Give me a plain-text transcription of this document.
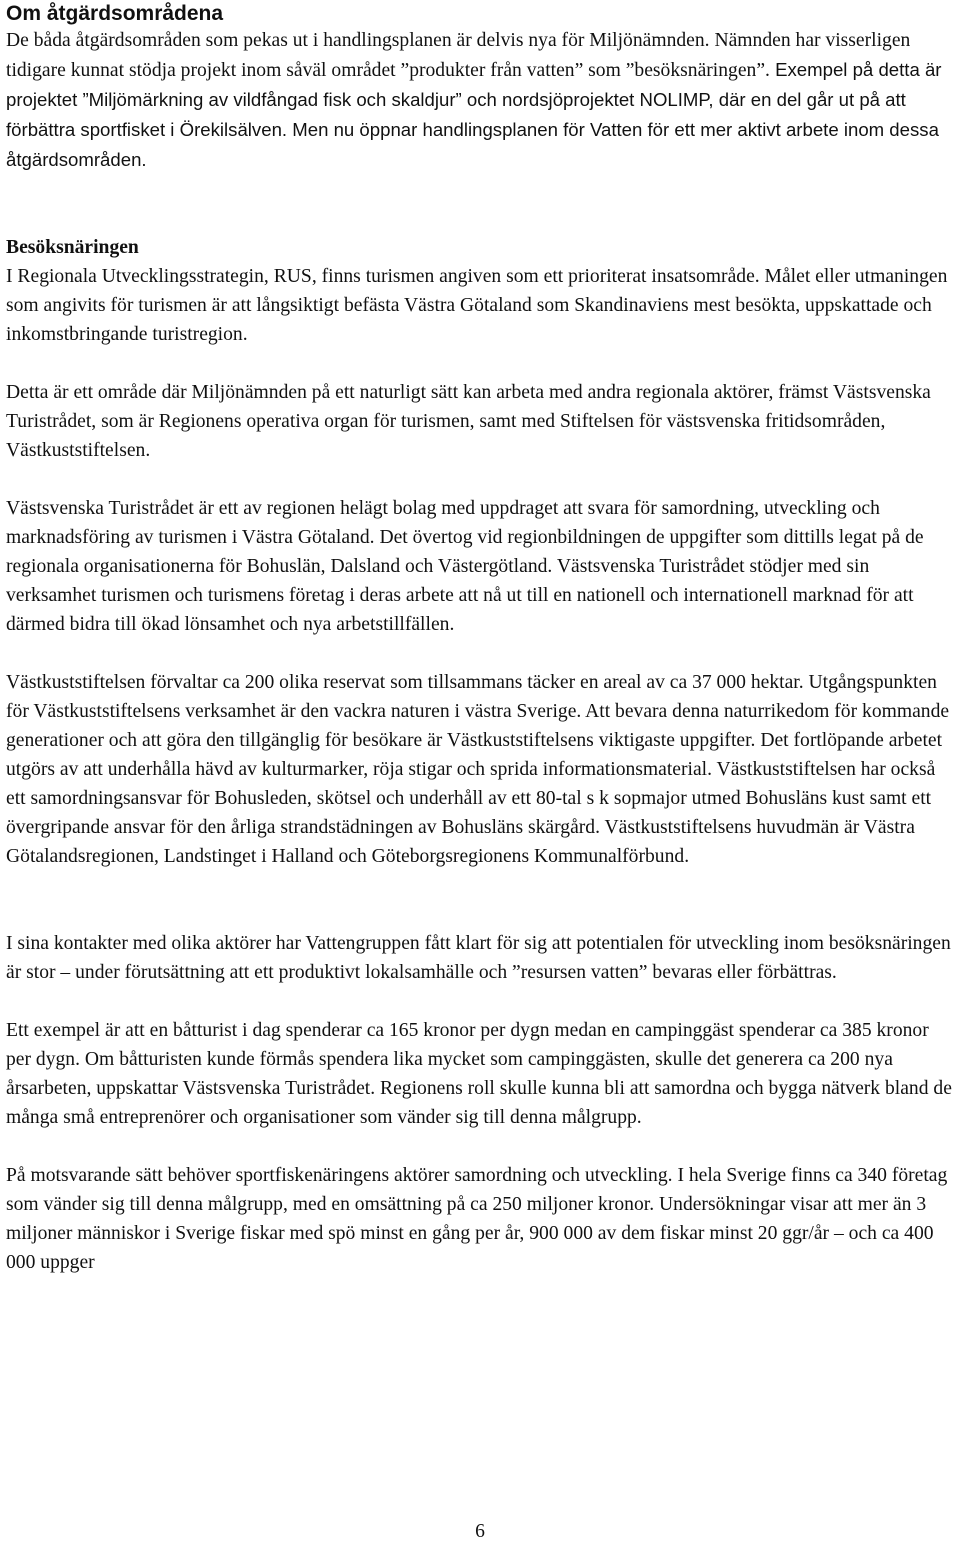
Om åtgärdsområdena

De båda åtgärdsområden som pekas ut i handlingsplanen är delvis nya för Miljönämnden. Nämnden har visserligen tidigare kunnat stödja projekt inom såväl området ”produkter från vatten” som ”besöksnäringen”. Exempel på detta är projektet ”Miljömärkning av vildfångad fisk och skaldjur” och nordsjöprojektet NOLIMP, där en del går ut på att förbättra sportfisket i Örekilsälven. Men nu öppnar handlingsplanen för Vatten för ett mer aktivt arbete inom dessa åtgärdsområden.

Besöksnäringen

I Regionala Utvecklingsstrategin, RUS, finns turismen angiven som ett prioriterat insatsområde. Målet eller utmaningen som angivits för turismen är att långsiktigt befästa Västra Götaland som Skandinaviens mest besökta, uppskattade och inkomstbringande turistregion.

Detta är ett område där Miljönämnden på ett naturligt sätt kan arbeta med andra regionala aktörer, främst Västsvenska Turistrådet, som är Regionens operativa organ för turismen, samt med Stiftelsen för västsvenska fritidsområden, Västkuststiftelsen.

Västsvenska Turistrådet är ett av regionen helägt bolag med uppdraget att svara för samordning, utveckling och marknadsföring av turismen i Västra Götaland. Det övertog vid regionbildningen de uppgifter som dittills legat på de regionala organisationerna för Bohuslän, Dalsland och Västergötland. Västsvenska Turistrådet stödjer med sin verksamhet turismen och turismens företag i deras arbete att nå ut till en nationell och internationell marknad för att därmed bidra till ökad lönsamhet och nya arbetstillfällen.

Västkuststiftelsen förvaltar ca 200 olika reservat som tillsammans täcker en areal av ca 37 000 hektar. Utgångspunkten för Västkuststiftelsens verksamhet är den vackra naturen i västra Sverige. Att bevara denna naturrikedom för kommande generationer och att göra den tillgänglig för besökare är Västkuststiftelsens viktigaste uppgifter. Det fortlöpande arbetet utgörs av att underhålla hävd av kulturmarker, röja stigar och sprida informationsmaterial. Västkuststiftelsen har också ett samordningsansvar för Bohusleden, skötsel och underhåll av ett 80-tal s k sopmajor utmed Bohusläns kust samt ett övergripande ansvar för den årliga strandstädningen av Bohusläns skärgård. Västkuststiftelsens huvudmän är Västra Götalandsregionen, Landstinget i Halland och Göteborgsregionens Kommunalförbund.

I sina kontakter med olika aktörer har Vattengruppen fått klart för sig att potentialen för utveckling inom besöksnäringen är stor – under förutsättning att ett produktivt lokalsamhälle och ”resursen vatten” bevaras eller förbättras.

Ett exempel är att en båtturist i dag spenderar ca 165 kronor per dygn medan en campinggäst spenderar ca 385 kronor per dygn. Om båtturisten kunde förmås spendera lika mycket som campinggästen, skulle det generera ca 200 nya årsarbeten, uppskattar Västsvenska Turistrådet. Regionens roll skulle kunna bli att samordna och bygga nätverk bland de många små entreprenörer och organisationer som vänder sig till denna målgrupp.

På motsvarande sätt behöver sportfiskenäringens aktörer samordning och utveckling. I hela Sverige finns ca 340 företag som vänder sig till denna målgrupp, med en omsättning på ca 250 miljoner kronor. Undersökningar visar att mer än 3 miljoner människor i Sverige fiskar med spö minst en gång per år, 900 000 av dem fiskar minst 20 ggr/år – och ca 400 000 uppger

6
